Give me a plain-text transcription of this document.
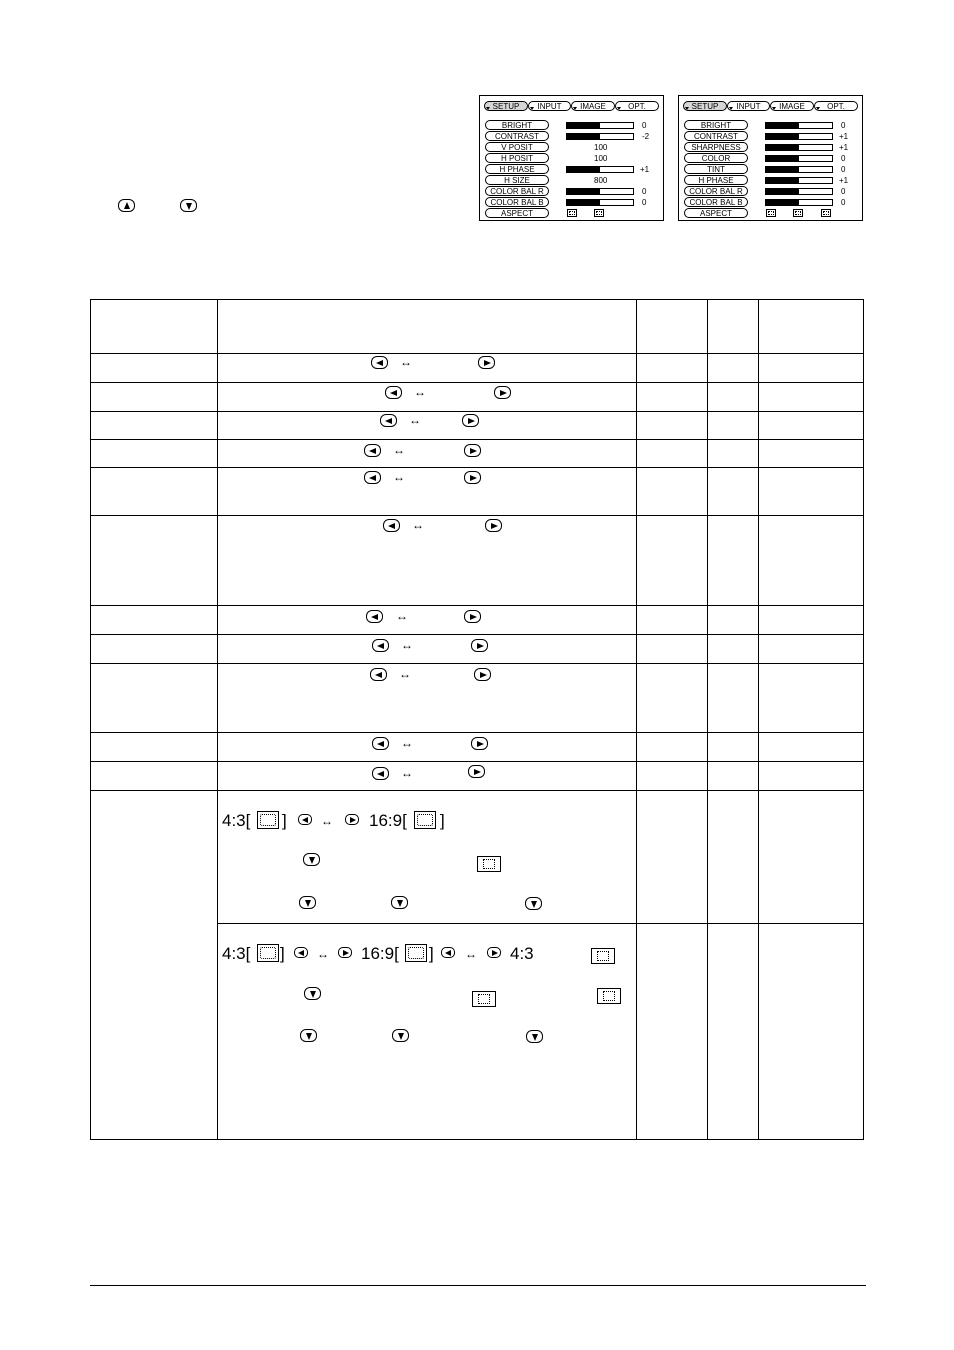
SETUP	INPUT	IMAGE	OPT.
BRIGHT	0
CONTRAST	-2
V POSIT	100
H POSIT	100
H PHASE	+1
H SIZE	800
COLOR BAL R	0
COLOR BAL B	0
ASPECT
SETUP	INPUT	IMAGE	OPT.
BRIGHT	0
CONTRAST	+1
SHARPNESS	+1
COLOR	0
TINT	0
H PHASE	+1
COLOR BAL R	0
COLOR BAL B	0
ASPECT
↔
↔
↔
↔
↔
↔
↔
↔
↔
↔
↔
4:3[ ]	↔ 16:9[ ]
4:3[ ]	↔ 16:9[ ]	↔ 4:3
